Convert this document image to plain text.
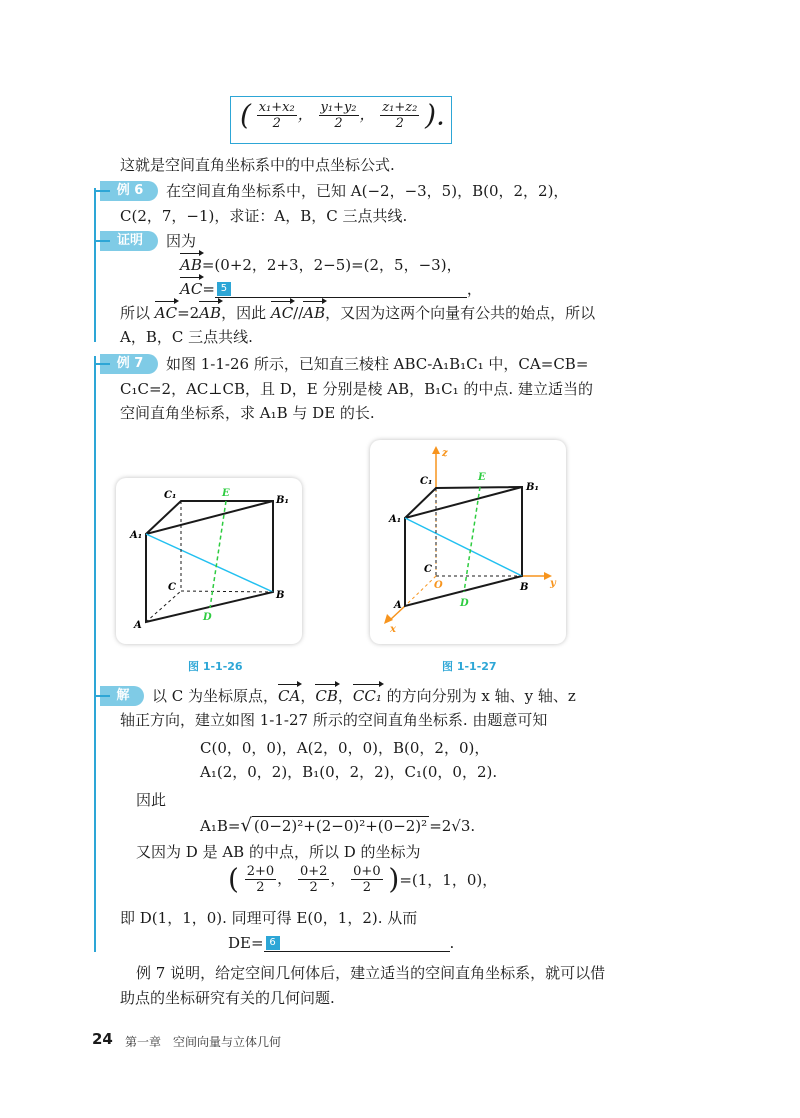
( $\frac{\text{x₁+x₂}}{2}$ ， $\frac{\text{y₁+y₂}}{2}$ ， $\frac{\text{z₁+z₂}}{2}$ ).
这就是空间直角坐标系中的中点坐标公式.
例 6	在空间直角坐标系中，已知 A(−2，−3，5)，B(0，2，2)，
C(2，7，−1)，求证：A，B，C 三点共线.
证明	因为
AB=(0+2，2+3，2−5)=(2，5，−3)，
AC= 5	，
所以 AC=2AB，因此 AC//AB，又因为这两个向量有公共的始点，所以
A，B，C 三点共线.
例 7	如图 1-1-26 所示，已知直三棱柱 ABC-A₁B₁C₁ 中，CA=CB=
C₁C=2，AC⊥CB，且 D，E 分别是棱 AB，B₁C₁ 的中点. 建立适当的
空间直角坐标系，求 A₁B 与 DE 的长.
C₁	E
B₁
A₁
C
B
A
D
图 1-1-26
z
C₁	E
B₁
A₁
C
O	y
B
A	D
x
图 1-1-27
解	以 C 为坐标原点，CA，CB，CC₁ 的方向分别为 x 轴、y 轴、z
轴正方向，建立如图 1-1-27 所示的空间直角坐标系. 由题意可知
C(0，0，0)，A(2，0，0)，B(0，2，0)，
A₁(2，0，2)，B₁(0，2，2)，C₁(0，0，2).
因此
A₁B=√ (0−2)²+(2−0)²+(0−2)² =2√3.
又因为 D 是 AB 的中点，所以 D 的坐标为
( $\frac{2+0}{2}$ ， $\frac{0+2}{2}$ ， $\frac{0+0}{2} )=(1$，1，0)，
即 D(1，1，0). 同理可得 E(0，1，2). 从而
DE= 6	.
例 7 说明，给定空间几何体后，建立适当的空间直角坐标系，就可以借
助点的坐标研究有关的几何问题.
24 第一章　空间向量与立体几何
